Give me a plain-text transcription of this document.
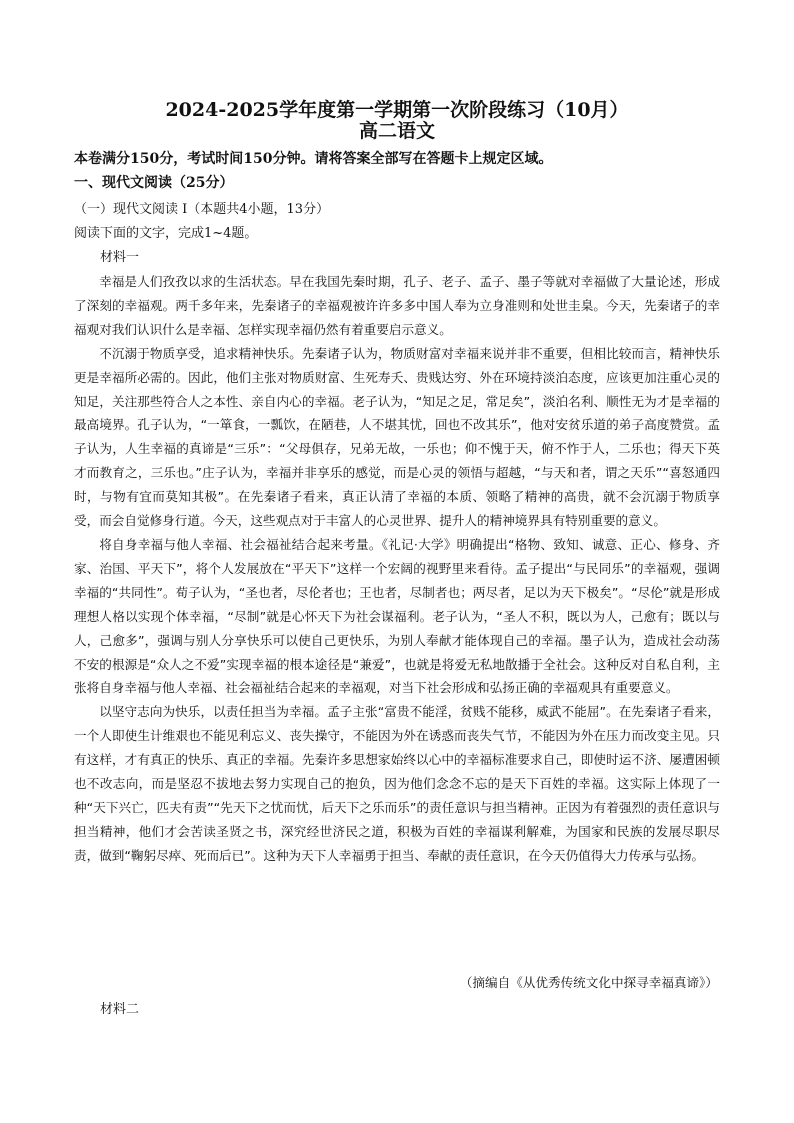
2024-2025学年度第一学期第一次阶段练习（10月）
高二语文
本卷满分150分，考试时间150分钟。请将答案全部写在答题卡上规定区域。
一、现代文阅读（25分）
（一）现代文阅读 I（本题共4小题，13分）
阅读下面的文字，完成1~4题。
材料一

幸福是人们孜孜以求的生活状态。早在我国先秦时期，孔子、老子、孟子、墨子等就对幸福做了大量论述，形成了深刻的幸福观。两千多年来，先秦诸子的幸福观被许许多多中国人奉为立身准则和处世圭臬。今天，先秦诸子的幸福观对我们认识什么是幸福、怎样实现幸福仍然有着重要启示意义。

不沉溺于物质享受，追求精神快乐。先秦诸子认为，物质财富对幸福来说并非不重要，但相比较而言，精神快乐更是幸福所必需的。因此，他们主张对物质财富、生死寿夭、贵贱达穷、外在环境持淡泊态度，应该更加注重心灵的知足，关注那些符合人之本性、亲自内心的幸福。老子认为，“知足之足，常足矣”，淡泊名利、顺性无为才是幸福的最高境界。孔子认为，“一箪食，一瓢饮，在陋巷，人不堪其忧，回也不改其乐”，他对安贫乐道的弟子高度赞赏。孟子认为，人生幸福的真谛是“三乐”：“父母俱存，兄弟无故，一乐也；仰不愧于天，俯不怍于人，二乐也；得天下英才而教育之，三乐也。”庄子认为，幸福并非享乐的感觉，而是心灵的领悟与超越，“与天和者，谓之天乐”“喜怒通四时，与物有宜而莫知其极”。在先秦诸子看来，真正认清了幸福的本质、领略了精神的高贵，就不会沉溺于物质享受，而会自觉修身行道。今天，这些观点对于丰富人的心灵世界、提升人的精神境界具有特别重要的意义。

将自身幸福与他人幸福、社会福祉结合起来考量。《礼记·大学》明确提出“格物、致知、诚意、正心、修身、齐家、治国、平天下”，将个人发展放在“平天下”这样一个宏阔的视野里来看待。孟子提出“与民同乐”的幸福观，强调幸福的“共同性”。荀子认为，“圣也者，尽伦者也；王也者，尽制者也；两尽者，足以为天下极矣”。“尽伦”就是形成理想人格以实现个体幸福，“尽制”就是心怀天下为社会谋福利。老子认为，“圣人不积，既以为人，己愈有；既以与人，己愈多”，强调与别人分享快乐可以使自己更快乐，为别人奉献才能体现自己的幸福。墨子认为，造成社会动荡不安的根源是“众人之不爱”实现幸福的根本途径是“兼爱”，也就是将爱无私地散播于全社会。这种反对自私自利，主张将自身幸福与他人幸福、社会福祉结合起来的幸福观，对当下社会形成和弘扬正确的幸福观具有重要意义。

以坚守志向为快乐，以责任担当为幸福。孟子主张“富贵不能淫，贫贱不能移，威武不能屈”。在先秦诸子看来，一个人即使生计维艰也不能见利忘义、丧失操守，不能因为外在诱惑而丧失气节，不能因为外在压力而改变主见。只有这样，才有真正的快乐、真正的幸福。先秦许多思想家始终以心中的幸福标准要求自己，即使时运不济、屡遭困顿也不改志向，而是坚忍不拔地去努力实现自己的抱负，因为他们念念不忘的是天下百姓的幸福。这实际上体现了一种“天下兴亡，匹夫有责”“先天下之忧而忧，后天下之乐而乐”的责任意识与担当精神。正因为有着强烈的责任意识与担当精神，他们才会苦读圣贤之书，深究经世济民之道，积极为百姓的幸福谋利解难，为国家和民族的发展尽职尽责，做到“鞠躬尽瘁、死而后已”。这种为天下人幸福勇于担当、奉献的责任意识，在今天仍值得大力传承与弘扬。

（摘编自《从优秀传统文化中探寻幸福真谛》）
材料二
